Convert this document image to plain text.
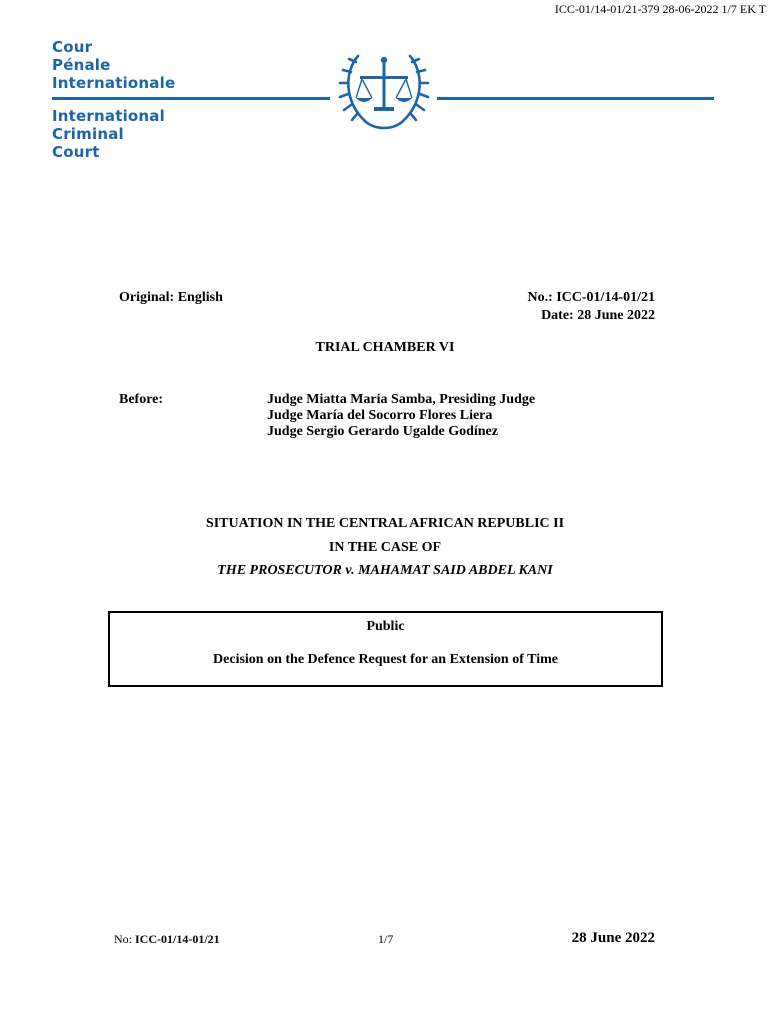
ICC-01/14-01/21-379 28-06-2022 1/7 EK T
Cour
Pénale
Internationale
International
Criminal
Court
Original: English	No.: ICC-01/14-01/21
Date: 28 June 2022
TRIAL CHAMBER VI
Before:	Judge Miatta Maria Samba, Presiding Judge
Judge María del Socorro Flores Liera
Judge Sergio Gerardo Ugalde Godínez
SITUATION IN THE CENTRAL AFRICAN REPUBLIC II
IN THE CASE OF
THE PROSECUTOR v. MAHAMAT SAID ABDEL KANI
Public
Decision on the Defence Request for an Extension of Time
No: ICC-01/14-01/21	1/7	28 June 2022
